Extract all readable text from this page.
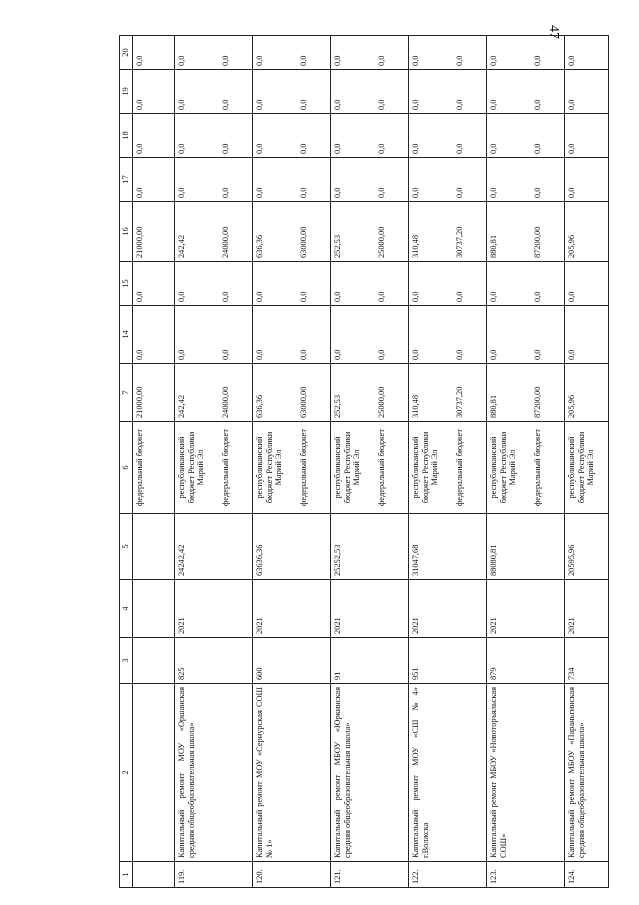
47
1	2	3	4	5	6	7	14	15	16	17	18	19	20
					федеральный бюджет	21000,00	0,0	0,0	21000,00	0,0	0,0	0,0	0,0
119.	Капитальный ремонт МОУ «Оршанская средняя общеобразовательная школа»	825	2021	24242,42	республиканский бюджет Республики Марий Эл	242,42	0,0	0,0	242,42	0,0	0,0	0,0	0,0
					федеральный бюджет	24000,00	0,0	0,0	24000,00	0,0	0,0	0,0	0,0
120.	Капитальный ремонт МОУ «Сернурская СОШ № 1»	600	2021	63636,36	республиканский бюджет Республики Марий Эл	636,36	0,0	0,0	636,36	0,0	0,0	0,0	0,0
					федеральный бюджет	63000,00	0,0	0,0	63000,00	0,0	0,0	0,0	0,0
121.	Капитальный ремонт МБОУ «Юркинская средняя общеобразовательная школа»	91	2021	25252,53	республиканский бюджет Республики Марий Эл	252,53	0,0	0,0	252,53	0,0	0,0	0,0	0,0
					федеральный бюджет	25000,00	0,0	0,0	25000,00	0,0	0,0	0,0	0,0
122.	Капитальный ремонт МОУ «СШ №4» г.Волжска	951	2021	31047,68	республиканский бюджет Республики Марий Эл	310,48	0,0	0,0	310,48	0,0	0,0	0,0	0,0
					федеральный бюджет	30737,20	0,0	0,0	30737,20	0,0	0,0	0,0	0,0
123.	Капитальный ремонт МБОУ «Новоторъяльская СОШ»	879	2021	88080,81	республиканский бюджет Республики Марий Эл	880,81	0,0	0,0	880,81	0,0	0,0	0,0	0,0
					федеральный бюджет	87200,00	0,0	0,0	87200,00	0,0	0,0	0,0	0,0
124.	Капитальный ремонт МБОУ «Параньгинская средняя общеобразовательная школа»	734	2021	20595,96	республиканский бюджет Республики Марий Эл	205,96	0,0	0,0	205,96	0,0	0,0	0,0	0,0
